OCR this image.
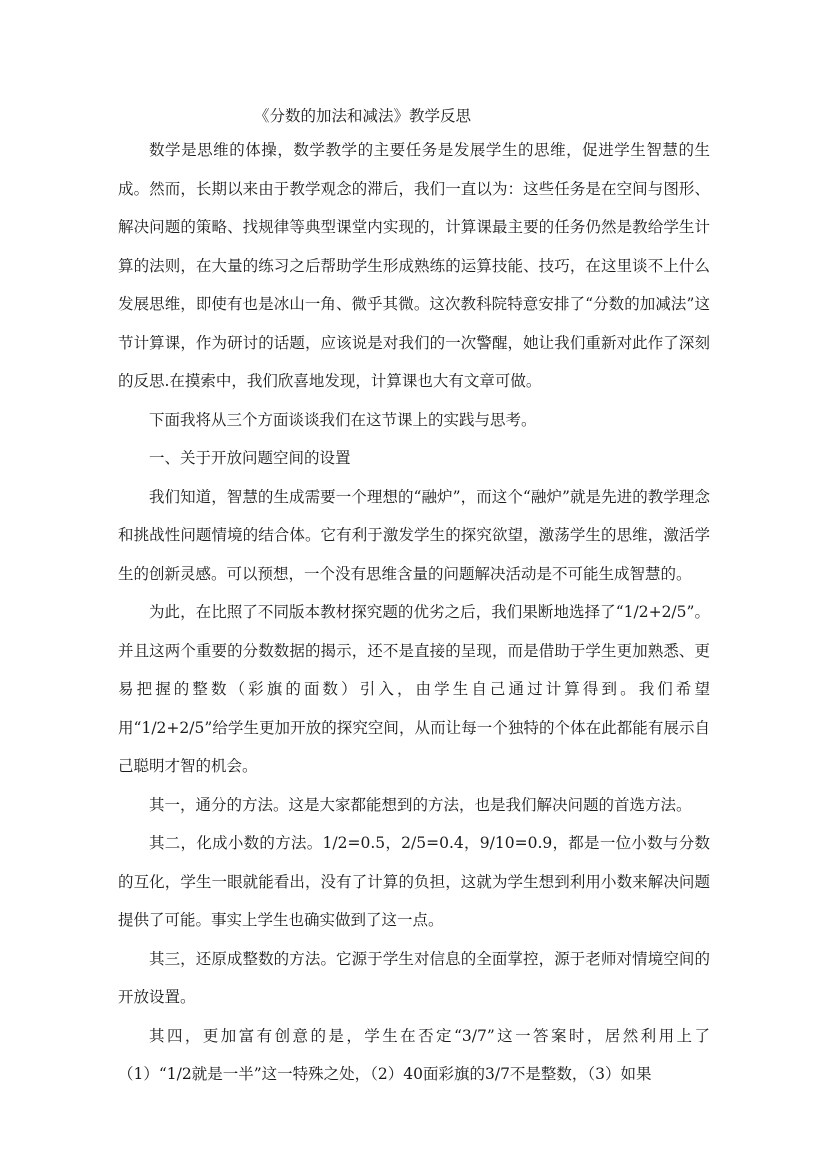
《分数的加法和减法》教学反思

数学是思维的体操，数学教学的主要任务是发展学生的思维，促进学生智慧的生成。然而，长期以来由于教学观念的滞后，我们一直以为：这些任务是在空间与图形、解决问题的策略、找规律等典型课堂内实现的，计算课最主要的任务仍然是教给学生计算的法则，在大量的练习之后帮助学生形成熟练的运算技能、技巧，在这里谈不上什么发展思维，即使有也是冰山一角、微乎其微。这次教科院特意安排了“分数的加减法”这节计算课，作为研讨的话题，应该说是对我们的一次警醒，她让我们重新对此作了深刻的反思.在摸索中，我们欣喜地发现，计算课也大有文章可做。

下面我将从三个方面谈谈我们在这节课上的实践与思考。

一、关于开放问题空间的设置

我们知道，智慧的生成需要一个理想的“融炉”，而这个“融炉”就是先进的教学理念和挑战性问题情境的结合体。它有利于激发学生的探究欲望，激荡学生的思维，激活学生的创新灵感。可以预想，一个没有思维含量的问题解决活动是不可能生成智慧的。

为此，在比照了不同版本教材探究题的优劣之后，我们果断地选择了“1/2+2/5”。并且这两个重要的分数数据的揭示，还不是直接的呈现，而是借助于学生更加熟悉、更易把握的整数（彩旗的面数）引入，由学生自己通过计算得到。我们希望用“1/2+2/5”给学生更加开放的探究空间，从而让每一个独特的个体在此都能有展示自己聪明才智的机会。

其一，通分的方法。这是大家都能想到的方法，也是我们解决问题的首选方法。

其二，化成小数的方法。1/2=0.5，2/5=0.4，9/10=0.9，都是一位小数与分数的互化，学生一眼就能看出，没有了计算的负担，这就为学生想到利用小数来解决问题提供了可能。事实上学生也确实做到了这一点。

其三，还原成整数的方法。它源于学生对信息的全面掌控，源于老师对情境空间的开放设置。

其四，更加富有创意的是，学生在否定“3/7”这一答案时，居然利用上了（1）“1/2就是一半”这一特殊之处，（2）40面彩旗的3/7不是整数，（3）如果
